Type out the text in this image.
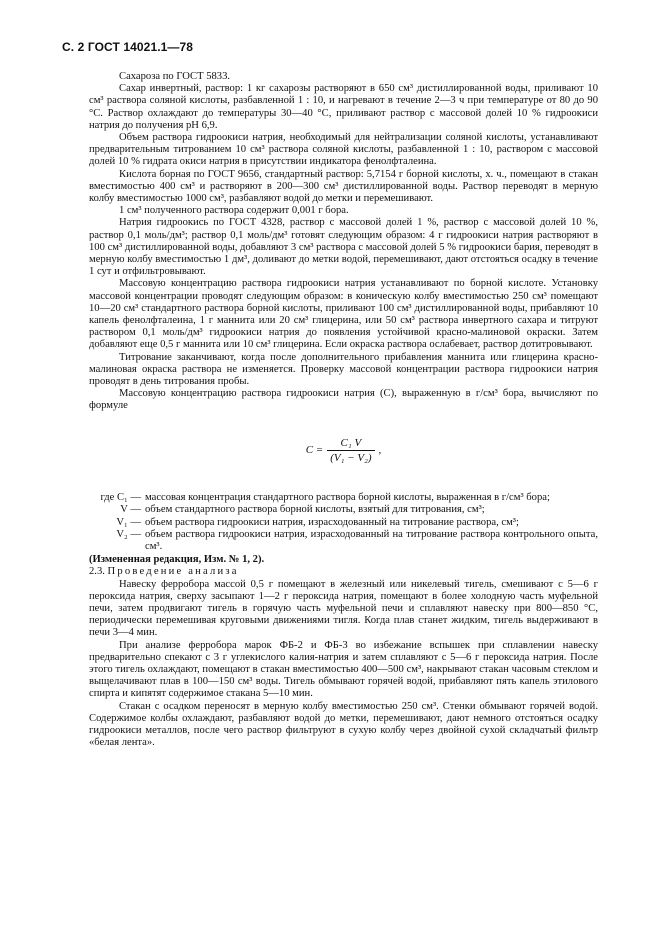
С. 2 ГОСТ 14021.1—78

Сахароза по ГОСТ 5833.

Сахар инвертный, раствор: 1 кг сахарозы растворяют в 650 см³ дистиллированной воды, приливают 10 см³ раствора соляной кислоты, разбавленной 1 : 10, и нагревают в течение 2—3 ч при температуре от 80 до 90 °С. Раствор охлаждают до температуры 30—40 °С, приливают раствор с массовой долей 10 % гидроокиси натрия до получения pH 6,9.

Объем раствора гидроокиси натрия, необходимый для нейтрализации соляной кислоты, устанавливают предварительным титрованием 10 см³ раствора соляной кислоты, разбавленной 1 : 10, раствором с массовой долей 10 % гидрата окиси натрия в присутствии индикатора фенолфталеина.

Кислота борная по ГОСТ 9656, стандартный раствор: 5,7154 г борной кислоты, х. ч., помещают в стакан вместимостью 400 см³ и растворяют в 200—300 см³ дистиллированной воды. Раствор переводят в мерную колбу вместимостью 1000 см³, разбавляют водой до метки и перемешивают.

1 см³ полученного раствора содержит 0,001 г бора.

Натрия гидроокись по ГОСТ 4328, раствор с массовой долей 1 %, раствор с массовой долей 10 %, раствор 0,1 моль/дм³; раствор 0,1 моль/дм³ готовят следующим образом: 4 г гидроокиси натрия растворяют в 100 см³ дистиллированной воды, добавляют 3 см³ раствора с массовой долей 5 % гидроокиси бария, переводят в мерную колбу вместимостью 1 дм³, доливают до метки водой, перемешивают, дают отстояться осадку в течение 1 сут и отфильтровывают.

Массовую концентрацию раствора гидроокиси натрия устанавливают по борной кислоте. Установку массовой концентрации проводят следующим образом: в коническую колбу вместимостью 250 см³ помещают 10—20 см³ стандартного раствора борной кислоты, приливают 100 см³ дистиллированной воды, прибавляют 10 капель фенолфталеина, 1 г маннита или 20 см³ глицерина, или 50 см³ раствора инвертного сахара и титруют раствором 0,1 моль/дм³ гидроокиси натрия до появления устойчивой красно-малиновой окраски. Затем добавляют еще 0,5 г маннита или 10 см³ глицерина. Если окраска раствора ослабевает, раствор дотитровывают.

Титрование заканчивают, когда после дополнительного прибавления маннита или глицерина красно-малиновая окраска раствора не изменяется. Проверку массовой концентрации раствора гидроокиси натрия проводят в день титрования пробы.

Массовую концентрацию раствора гидроокиси натрия (C), выраженную в г/см³ бора, вычисляют по формуле

$C = \frac{\text{C₁ V}}{\text{(V₁ − V₂)}}$ ,
где C₁ — массовая концентрация стандартного раствора борной кислоты, выраженная в г/см³ бора;
V — объем стандартного раствора борной кислоты, взятый для титрования, см³;
V₁ — объем раствора гидроокиси натрия, израсходованный на титрование раствора, см³;
V₂ — объем раствора гидроокиси натрия, израсходованный на титрование раствора контрольного опыта, см³.

(Измененная редакция, Изм. № 1, 2).

2.3. Проведение анализа

Навеску ферробора массой 0,5 г помещают в железный или никелевый тигель, смешивают с 5—6 г пероксида натрия, сверху засыпают 1—2 г пероксида натрия, помещают в более холодную часть муфельной печи, затем продвигают тигель в горячую часть муфельной печи и сплавляют навеску при 800—850 °С, периодически перемешивая круговыми движениями тигля. Когда плав станет жидким, тигель выдерживают в печи 3—4 мин.

При анализе ферробора марок ФБ-2 и ФБ-3 во избежание вспышек при сплавлении навеску предварительно спекают с 3 г углекислого калия-натрия и затем сплавляют с 5—6 г пероксида натрия. После этого тигель охлаждают, помещают в стакан вместимостью 400—500 см³, накрывают стакан часовым стеклом и выщелачивают плав в 100—150 см³ воды. Тигель обмывают горячей водой, прибавляют пять капель этилового спирта и кипятят содержимое стакана 5—10 мин.

Стакан с осадком переносят в мерную колбу вместимостью 250 см³. Стенки обмывают горячей водой. Содержимое колбы охлаждают, разбавляют водой до метки, перемешивают, дают немного отстояться осадку гидроокиси металлов, после чего раствор фильтруют в сухую колбу через двойной сухой складчатый фильтр «белая лента».
